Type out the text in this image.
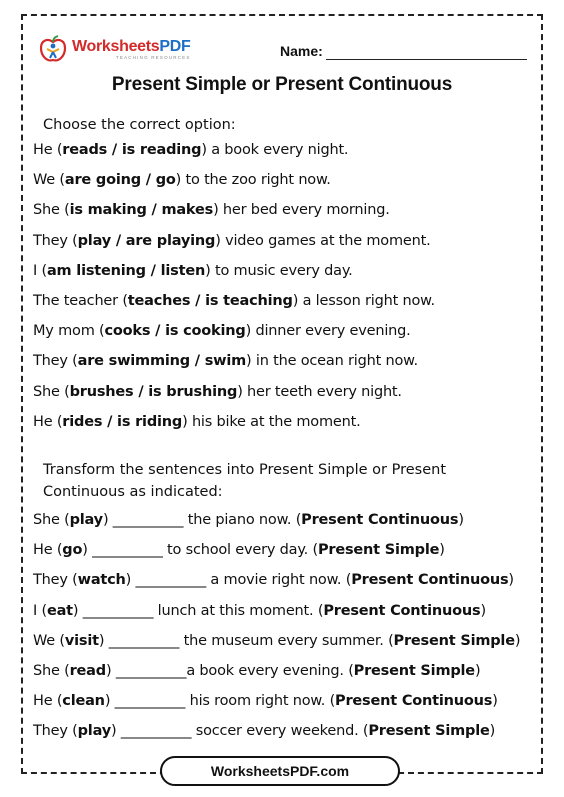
WorksheetsPDF
TEACHING RESOURCES	Name:
Present Simple or Present Continuous
Choose the correct option:
He (reads / is reading) a book every night.
We (are going / go) to the zoo right now.
She (is making / makes) her bed every morning.
They (play / are playing) video games at the moment.
I (am listening / listen) to music every day.
The teacher (teaches / is teaching) a lesson right now.
My mom (cooks / is cooking) dinner every evening.
They (are swimming / swim) in the ocean right now.
She (brushes / is brushing) her teeth every night.
He (rides / is riding) his bike at the moment.
Transform the sentences into Present Simple or Present Continuous as indicated:
She (play) __________ the piano now. (Present Continuous)
He (go) __________ to school every day. (Present Simple)
They (watch) __________ a movie right now. (Present Continuous)
I (eat) __________ lunch at this moment. (Present Continuous)
We (visit) __________ the museum every summer. (Present Simple)
She (read) __________a book every evening. (Present Simple)
He (clean) __________ his room right now. (Present Continuous)
They (play) __________ soccer every weekend. (Present Simple)
WorksheetsPDF.com
